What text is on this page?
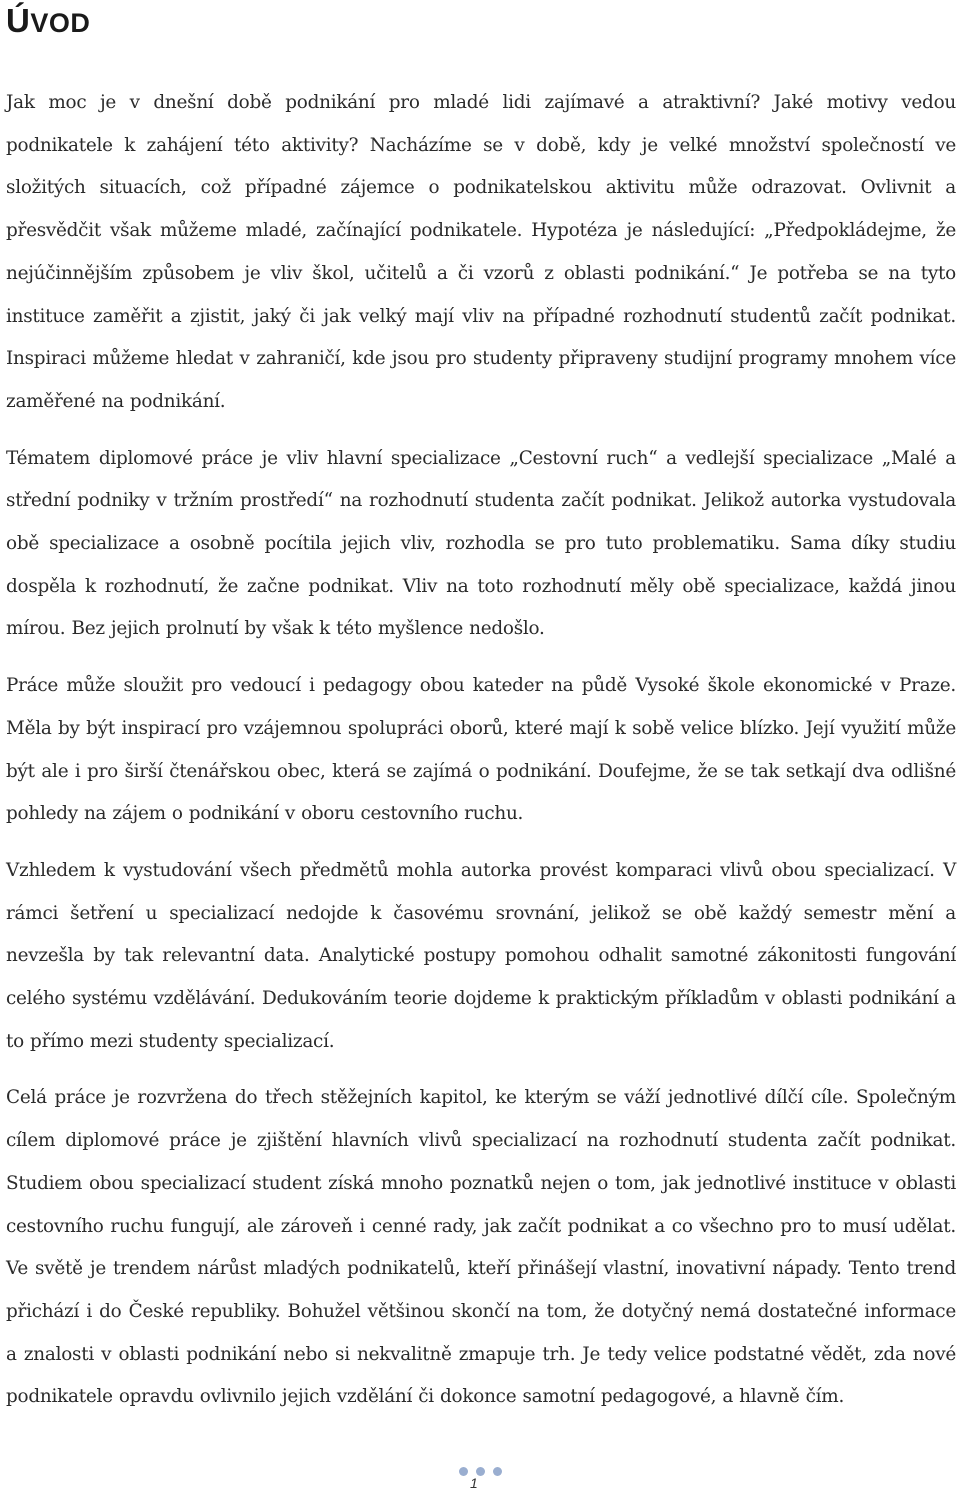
ÚVOD

Jak moc je v dnešní době podnikání pro mladé lidi zajímavé a atraktivní? Jaké motivy vedou podnikatele k zahájení této aktivity? Nacházíme se v době, kdy je velké množství společností ve složitých situacích, což případné zájemce o podnikatelskou aktivitu může odrazovat. Ovlivnit a přesvědčit však můžeme mladé, začínající podnikatele. Hypotéza je následující: „Předpokládejme, že nejúčinnějším způsobem je vliv škol, učitelů a či vzorů z oblasti podnikání.“ Je potřeba se na tyto instituce zaměřit a zjistit, jaký či jak velký mají vliv na případné rozhodnutí studentů začít podnikat. Inspiraci můžeme hledat v zahraničí, kde jsou pro studenty připraveny studijní programy mnohem více zaměřené na podnikání.

Tématem diplomové práce je vliv hlavní specializace „Cestovní ruch“ a vedlejší specializace „Malé a střední podniky v tržním prostředí“ na rozhodnutí studenta začít podnikat. Jelikož autorka vystudovala obě specializace a osobně pocítila jejich vliv, rozhodla se pro tuto problematiku. Sama díky studiu dospěla k rozhodnutí, že začne podnikat. Vliv na toto rozhodnutí měly obě specializace, každá jinou mírou. Bez jejich prolnutí by však k této myšlence nedošlo.

Práce může sloužit pro vedoucí i pedagogy obou kateder na půdě Vysoké škole ekonomické v Praze. Měla by být inspirací pro vzájemnou spolupráci oborů, které mají k sobě velice blízko. Její využití může být ale i pro širší čtenářskou obec, která se zajímá o podnikání. Doufejme, že se tak setkají dva odlišné pohledy na zájem o podnikání v oboru cestovního ruchu.

Vzhledem k vystudování všech předmětů mohla autorka provést komparaci vlivů obou specializací. V rámci šetření u specializací nedojde k časovému srovnání, jelikož se obě každý semestr mění a nevzešla by tak relevantní data. Analytické postupy pomohou odhalit samotné zákonitosti fungování celého systému vzdělávání. Dedukováním teorie dojdeme k praktickým příkladům v oblasti podnikání a to přímo mezi studenty specializací.

Celá práce je rozvržena do třech stěžejních kapitol, ke kterým se váží jednotlivé dílčí cíle. Společným cílem diplomové práce je zjištění hlavních vlivů specializací na rozhodnutí studenta začít podnikat. Studiem obou specializací student získá mnoho poznatků nejen o tom, jak jednotlivé instituce v oblasti cestovního ruchu fungují, ale zároveň i cenné rady, jak začít podnikat a co všechno pro to musí udělat. Ve světě je trendem nárůst mladých podnikatelů, kteří přinášejí vlastní, inovativní nápady. Tento trend přichází i do České republiky. Bohužel většinou skončí na tom, že dotyčný nemá dostatečné informace a znalosti v oblasti podnikání nebo si nekvalitně zmapuje trh. Je tedy velice podstatné vědět, zda nové podnikatele opravdu ovlivnilo jejich vzdělání či dokonce samotní pedagogové, a hlavně čím.

1
